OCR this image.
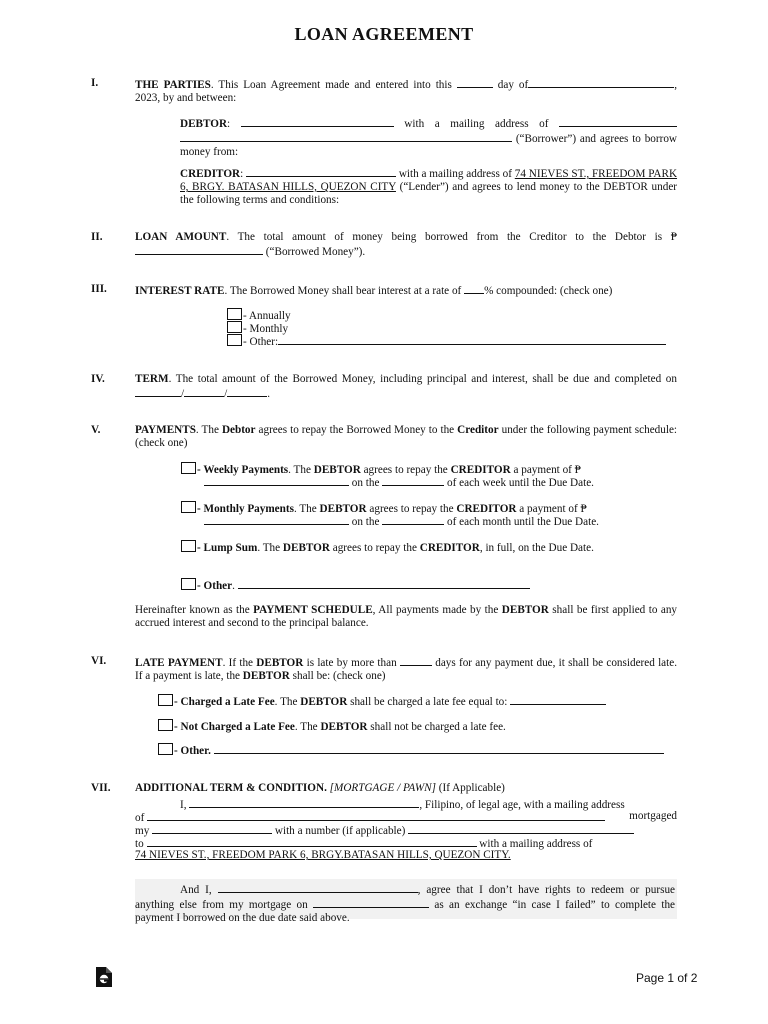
LOAN AGREEMENT
I.	THE PARTIES. This Loan Agreement made and entered into this	day of	, 2023, by and between:
DEBTOR:	with a mailing address of   (“Borrower”) and agrees to borrow money from:
CREDITOR:	with a mailing address of 74 NIEVES ST., FREEDOM PARK 6, BRGY. BATASAN HILLS, QUEZON CITY (“Lender”) and agrees to lend money to the DEBTOR under the following terms and conditions:
II.	LOAN AMOUNT. The total amount of money being borrowed from the Creditor to the Debtor is ₱ (“Borrowed Money”).
III.	INTEREST RATE. The Borrowed Money shall bear interest at a rate of % compounded: (check one)
- Annually
- Monthly
- Other:
IV.	TERM. The total amount of the Borrowed Money, including principal and interest, shall be due and completed on /	/	.
V.	PAYMENTS. The Debtor agrees to repay the Borrowed Money to the Creditor under the following payment schedule: (check one)
- Weekly Payments. The DEBTOR agrees to repay the CREDITOR a payment of ₱
on the	of each week until the Due Date.
- Monthly Payments. The DEBTOR agrees to repay the CREDITOR a payment of ₱
on the	of each month until the Due Date.
- Lump Sum. The DEBTOR agrees to repay the CREDITOR, in full, on the Due Date.
- Other.
Hereinafter known as the PAYMENT SCHEDULE, All payments made by the DEBTOR shall be first applied to any accrued interest and second to the principal balance.
VI.	LATE PAYMENT. If the DEBTOR is late by more than	days for any payment due, it shall be considered late. If a payment is late, the DEBTOR shall be: (check one)
- Charged a Late Fee. The DEBTOR shall be charged a late fee equal to:
- Not Charged a Late Fee. The DEBTOR shall not be charged a late fee.
- Other.
VII. ADDITIONAL TERM & CONDITION. [MORTGAGE / PAWN] (If Applicable)
I,	, Filipino, of legal age, with a mailing address
of	mortgaged
my	with a number (if applicable)
to	with a mailing address of
74 NIEVES ST., FREEDOM PARK 6, BRGY.BATASAN HILLS, QUEZON CITY.
And I,	, agree that I don’t have rights to redeem or pursue anything else from my mortgage on	as an exchange “in case I failed” to complete the payment I borrowed on the due date said above.
Page 1 of 2
